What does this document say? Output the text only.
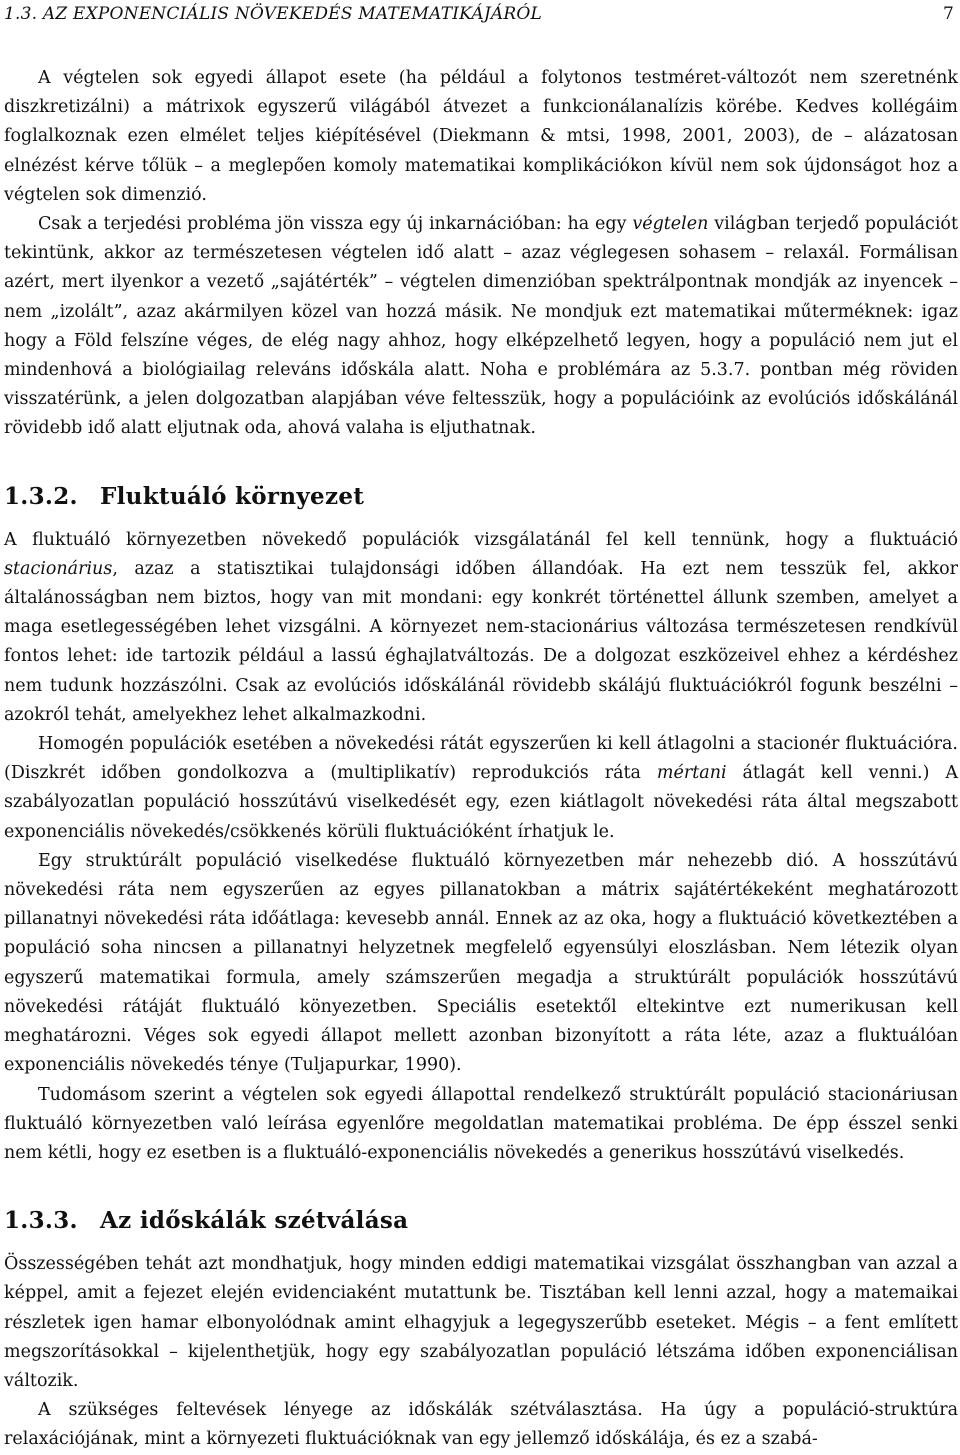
1.3. AZ EXPONENCIÁLIS NÖVEKEDÉS MATEMATIKÁJÁRÓL	7

A végtelen sok egyedi állapot esete (ha például a folytonos testméret-változót nem szeretnénk diszkretizálni) a mátrixok egyszerű világából átvezet a funkcionálanalízis körébe. Kedves kollégáim foglalkoznak ezen elmélet teljes kiépítésével (Diekmann & mtsi, 1998, 2001, 2003), de – alázatosan elnézést kérve tőlük – a meglepően komoly matematikai komplikációkon kívül nem sok újdonságot hoz a végtelen sok dimenzió.

Csak a terjedési probléma jön vissza egy új inkarnációban: ha egy végtelen világban terjedő populációt tekintünk, akkor az természetesen végtelen idő alatt – azaz véglegesen sohasem – relaxál. Formálisan azért, mert ilyenkor a vezető „sajátérték” – végtelen dimenzióban spektrálpontnak mondják az inyencek – nem „izolált”, azaz akármilyen közel van hozzá másik. Ne mondjuk ezt matematikai műterméknek: igaz hogy a Föld felszíne véges, de elég nagy ahhoz, hogy elképzelhető legyen, hogy a populáció nem jut el mindenhová a biológiailag releváns időskála alatt. Noha e problémára az 5.3.7. pontban még röviden visszatérünk, a jelen dolgozatban alapjában véve feltesszük, hogy a populációink az evolúciós időskálánál rövidebb idő alatt eljutnak oda, ahová valaha is eljuthatnak.

1.3.2. Fluktuáló környezet

A fluktuáló környezetben növekedő populációk vizsgálatánál fel kell tennünk, hogy a fluktuáció stacionárius, azaz a statisztikai tulajdonsági időben állandóak. Ha ezt nem tesszük fel, akkor általánosságban nem biztos, hogy van mit mondani: egy konkrét történettel állunk szemben, amelyet a maga esetlegességében lehet vizsgálni. A környezet nem-stacionárius változása természetesen rendkívül fontos lehet: ide tartozik például a lassú éghajlatváltozás. De a dolgozat eszközeivel ehhez a kérdéshez nem tudunk hozzászólni. Csak az evolúciós időskálánál rövidebb skálájú fluktuációkról fogunk beszélni – azokról tehát, amelyekhez lehet alkalmazkodni.

Homogén populációk esetében a növekedési rátát egyszerűen ki kell átlagolni a stacionér fluktuációra. (Diszkrét időben gondolkozva a (multiplikatív) reprodukciós ráta mértani átlagát kell venni.) A szabályozatlan populáció hosszútávú viselkedését egy, ezen kiátlagolt növekedési ráta által megszabott exponenciális növekedés/csökkenés körüli fluktuációként írhatjuk le.

Egy struktúrált populáció viselkedése fluktuáló környezetben már nehezebb dió. A hosszútávú növekedési ráta nem egyszerűen az egyes pillanatokban a mátrix sajátértékeként meghatározott pillanatnyi növekedési ráta időátlaga: kevesebb annál. Ennek az az oka, hogy a fluktuáció következtében a populáció soha nincsen a pillanatnyi helyzetnek megfelelő egyensúlyi eloszlásban. Nem létezik olyan egyszerű matematikai formula, amely számszerűen megadja a struktúrált populációk hosszútávú növekedési rátáját fluktuáló könyezetben. Speciális esetektől eltekintve ezt numerikusan kell meghatározni. Véges sok egyedi állapot mellett azonban bizonyított a ráta léte, azaz a fluktuálóan exponenciális növekedés ténye (Tuljapurkar, 1990).

Tudomásom szerint a végtelen sok egyedi állapottal rendelkező struktúrált populáció stacionáriusan fluktuáló környezetben való leírása egyenlőre megoldatlan matematikai probléma. De épp ésszel senki nem kétli, hogy ez esetben is a fluktuáló-exponenciális növekedés a generikus hosszútávú viselkedés.

1.3.3. Az időskálák szétválása

Összességében tehát azt mondhatjuk, hogy minden eddigi matematikai vizsgálat összhangban van azzal a képpel, amit a fejezet elején evidenciaként mutattunk be. Tisztában kell lenni azzal, hogy a matemaikai részletek igen hamar elbonyolódnak amint elhagyjuk a legegyszerűbb eseteket. Mégis – a fent említett megszorításokkal – kijelenthetjük, hogy egy szabályozatlan populáció létszáma időben exponenciálisan változik.

A szükséges feltevések lényege az időskálák szétválasztása. Ha úgy a populáció-struktúra relaxációjának, mint a környezeti fluktuációknak van egy jellemző időskálája, és ez a szabá-
